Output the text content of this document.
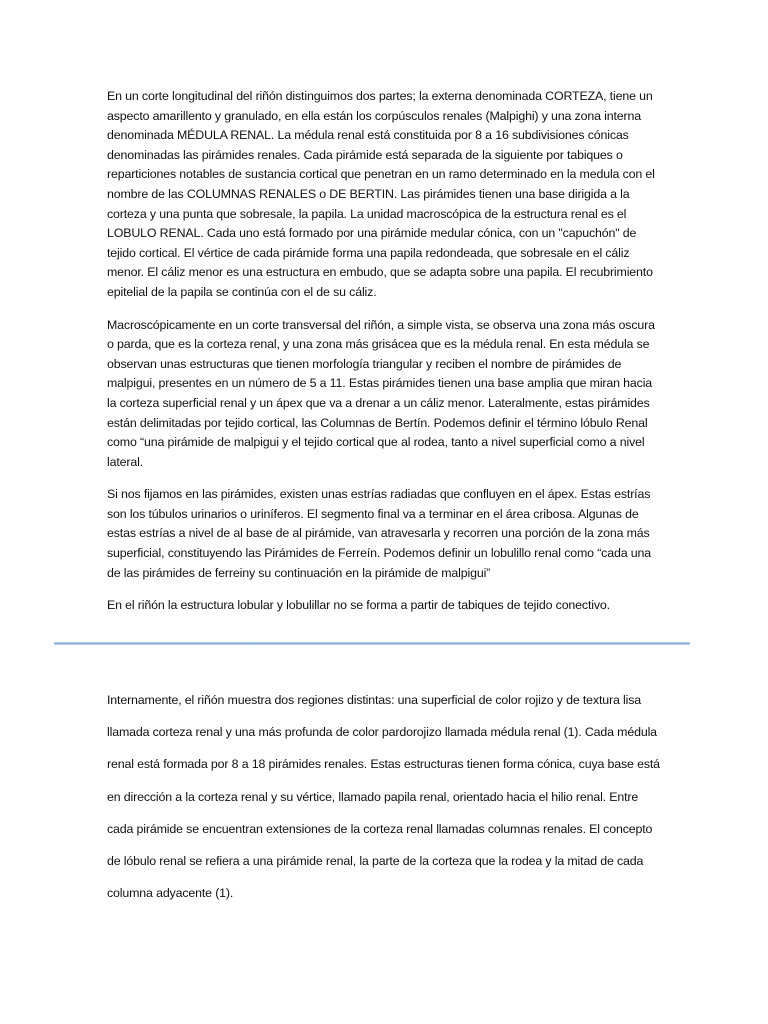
En un corte longitudinal del riñón distinguimos dos partes; la externa denominada CORTEZA, tiene un aspecto amarillento y granulado, en ella están los corpúsculos renales (Malpighi) y una zona interna denominada MÉDULA RENAL. La médula renal está constituida por 8 a 16 subdivisiones cónicas denominadas las pirámides renales. Cada pirámide está separada de la siguiente por tabiques o reparticiones notables de sustancia cortical que penetran en un ramo determinado en la medula con el nombre de las COLUMNAS RENALES o DE BERTIN. Las pirámides tienen una base dirigida a la corteza y una punta que sobresale, la papila. La unidad macroscópica de la estructura renal es el LOBULO RENAL. Cada uno está formado por una pirámide medular cónica, con un "capuchón" de tejido cortical. El vértice de cada pirámide forma una papila redondeada, que sobresale en el cáliz menor. El cáliz menor es una estructura en embudo, que se adapta sobre una papila. El recubrimiento epitelial de la papila se continúa con el de su cáliz.

Macroscópicamente en un corte transversal del riñón, a simple vista, se observa una zona más oscura o parda, que es la corteza renal, y una zona más grisácea que es la médula renal. En esta médula se observan unas estructuras que tienen morfología triangular y reciben el nombre de pirámides de malpigui, presentes en un número de 5 a 11. Estas pirámides tienen una base amplia que miran hacia la corteza superficial renal y un ápex que va a drenar a un cáliz menor. Lateralmente, estas pirámides están delimitadas por tejido cortical, las Columnas de Bertín. Podemos definir el término lóbulo Renal como “una pirámide de malpigui y el tejido cortical que al rodea, tanto a nivel superficial como a nivel lateral.

Si nos fijamos en las pirámides, existen unas estrías radiadas que confluyen en el ápex. Estas estrías son los túbulos urinarios o uriníferos. El segmento final va a terminar en el área cribosa. Algunas de estas estrías a nivel de al base de al pirámide, van atravesarla y recorren una porción de la zona más superficial, constituyendo las Pirámides de Ferreín. Podemos definir un lobulillo renal como “cada una de las pirámides de ferreiny su continuación en la pirámide de malpigui”

En el riñón la estructura lobular y lobulillar no se forma a partir de tabiques de tejido conectivo.

Internamente, el riñón muestra dos regiones distintas: una superficial de color rojizo y de textura lisa llamada corteza renal y una más profunda de color pardorojizo llamada médula renal (1). Cada médula renal está formada por 8 a 18 pirámides renales. Estas estructuras tienen forma cónica, cuya base está en dirección a la corteza renal y su vértice, llamado papila renal, orientado hacia el hilio renal. Entre cada pirámide se encuentran extensiones de la corteza renal llamadas columnas renales. El concepto de lóbulo renal se refiera a una pirámide renal, la parte de la corteza que la rodea y la mitad de cada columna adyacente (1).
